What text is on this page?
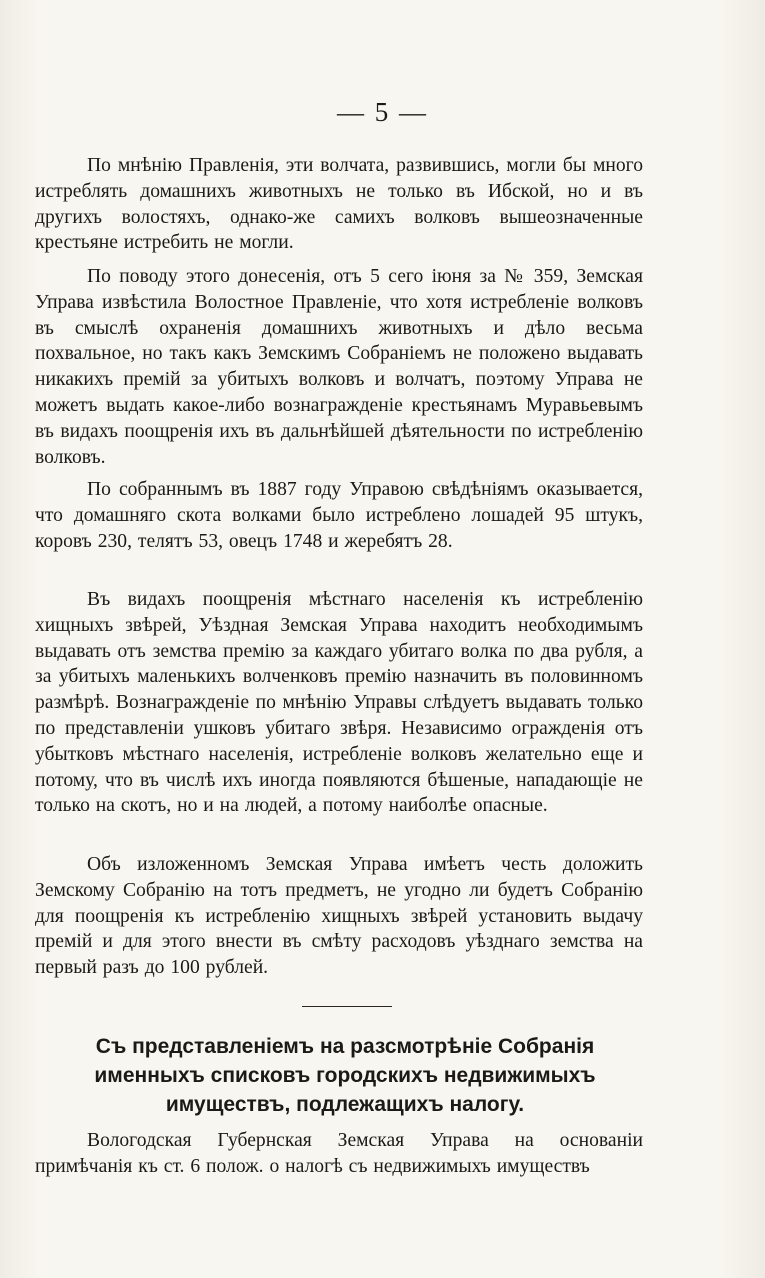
— 5 —

По мнѣнію Правленія, эти волчата, развившись, могли бы много истреблять домашнихъ животныхъ не только въ Ибской, но и въ другихъ волостяхъ, однако-же самихъ волковъ вышеозначенные крестьяне истребить не могли.

По поводу этого донесенія, отъ 5 сего іюня за № 359, Земская Управа извѣстила Волостное Правленіе, что хотя истребленіе волковъ въ смыслѣ охраненія домашнихъ животныхъ и дѣло весьма похвальное, но такъ какъ Земскимъ Собраніемъ не положено выдавать никакихъ премій за убитыхъ волковъ и волчатъ, поэтому Управа не можетъ выдать какое-либо вознагражденіе крестьянамъ Муравьевымъ въ видахъ поощренія ихъ въ дальнѣйшей дѣятельности по истребленію волковъ.

По собраннымъ въ 1887 году Управою свѣдѣніямъ оказывается, что домашняго скота волками было истреблено лошадей 95 штукъ, коровъ 230, телятъ 53, овецъ 1748 и жеребятъ 28.

Въ видахъ поощренія мѣстнаго населенія къ истребленію хищныхъ звѣрей, Уѣздная Земская Управа находитъ необходимымъ выдавать отъ земства премію за каждаго убитаго волка по два рубля, а за убитыхъ маленькихъ волченковъ премію назначить въ половинномъ размѣрѣ. Вознагражденіе по мнѣнію Управы слѣдуетъ выдавать только по представленіи ушковъ убитаго звѣря. Независимо огражденія отъ убытковъ мѣстнаго населенія, истребленіе волковъ желательно еще и потому, что въ числѣ ихъ иногда появляются бѣшеные, нападающіе не только на скотъ, но и на людей, а потому наиболѣе опасные.

Объ изложенномъ Земская Управа имѣетъ честь доложить Земскому Собранію на тотъ предметъ, не угодно ли будетъ Собранію для поощренія къ истребленію хищныхъ звѣрей установить выдачу премій и для этого внести въ смѣту расходовъ уѣзднаго земства на первый разъ до 100 рублей.

Съ представленіемъ на разсмотрѣніе Собранія именныхъ списковъ городскихъ недвижимыхъ имуществъ, подлежащихъ налогу.

Вологодская Губернская Земская Управа на основаніи примѣчанія къ ст. 6 полож. о налогѣ съ недвижимыхъ имуществъ
